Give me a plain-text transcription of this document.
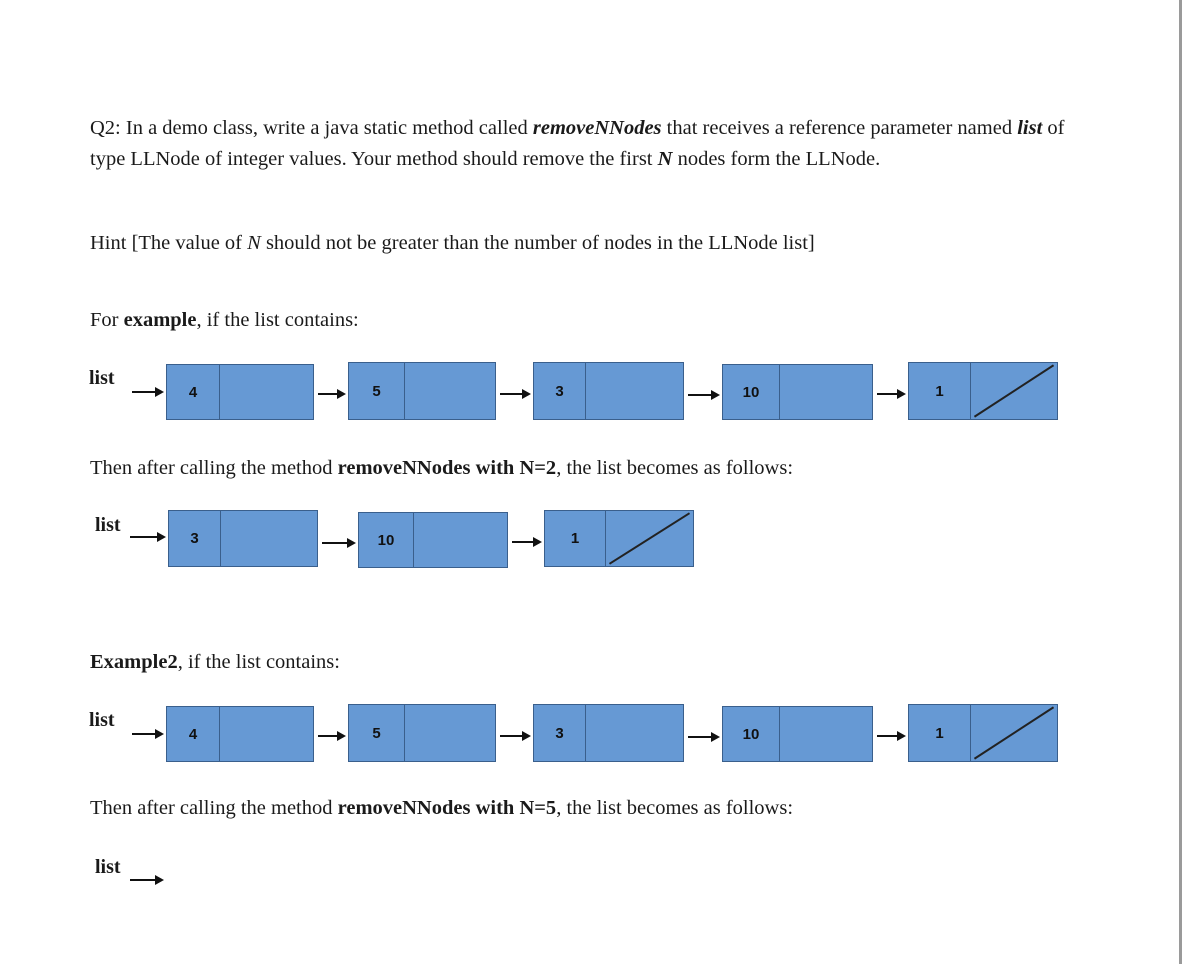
Q2: In a demo class, write a java static method called removeNNodes that receives a reference parameter named list of type LLNode of integer values. Your method should remove the first N nodes form the LLNode.

Hint [The value of N should not be greater than the number of nodes in the LLNode list]

For example, if the list contains:

list
4	5	3	10	1

Then after calling the method removeNNodes with N=2, the list becomes as follows:

list
3	10	1

Example2, if the list contains:

list
4	5	3	10	1

Then after calling the method removeNNodes with N=5, the list becomes as follows:

list
